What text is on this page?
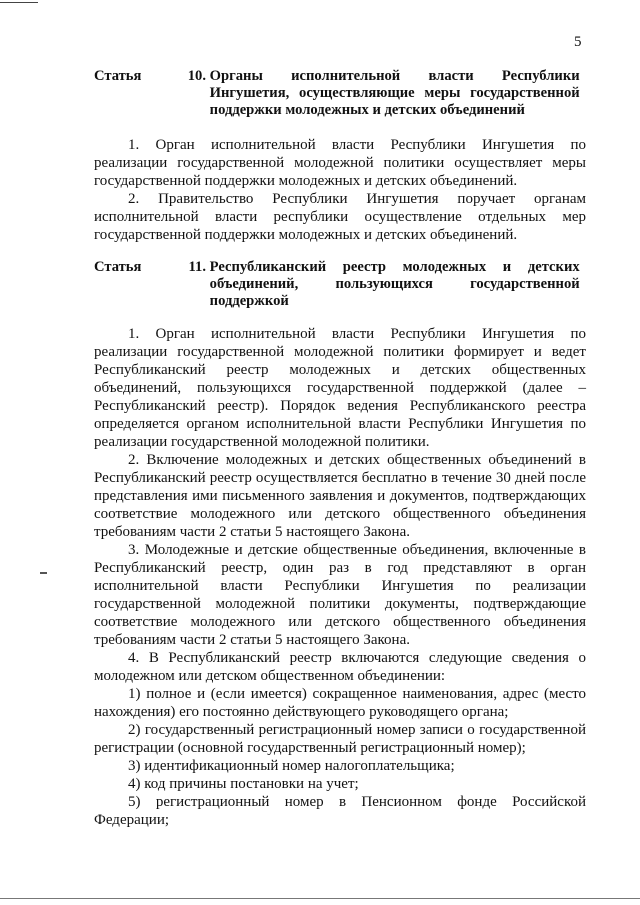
5
Статья 10. Органы исполнительной власти Республики Ингушетия, осуществляющие меры государственной поддержки молодежных и детских объединений

1. Орган исполнительной власти Республики Ингушетия по реализации государственной молодежной политики осуществляет меры государственной поддержки молодежных и детских объединений.

2. Правительство Республики Ингушетия поручает органам исполнительной власти республики осуществление отдельных мер государственной поддержки молодежных и детских объединений.

Статья 11. Республиканский реестр молодежных и детских объединений, пользующихся государственной поддержкой

1. Орган исполнительной власти Республики Ингушетия по реализации государственной молодежной политики формирует и ведет Республиканский реестр молодежных и детских общественных объединений, пользующихся государственной поддержкой (далее – Республиканский реестр). Порядок ведения Республиканского реестра определяется органом исполнительной власти Республики Ингушетия по реализации государственной молодежной политики.

2. Включение молодежных и детских общественных объединений в Республиканский реестр осуществляется бесплатно в течение 30 дней после представления ими письменного заявления и документов, подтверждающих соответствие молодежного или детского общественного объединения требованиям части 2 статьи 5 настоящего Закона.

3. Молодежные и детские общественные объединения, включенные в Республиканский реестр, один раз в год представляют в орган исполнительной власти Республики Ингушетия по реализации государственной молодежной политики документы, подтверждающие соответствие молодежного или детского общественного объединения требованиям части 2 статьи 5 настоящего Закона.

4. В Республиканский реестр включаются следующие сведения о молодежном или детском общественном объединении:

1) полное и (если имеется) сокращенное наименования, адрес (место нахождения) его постоянно действующего руководящего органа;

2) государственный регистрационный номер записи о государственной регистрации (основной государственный регистрационный номер);

3) идентификационный номер налогоплательщика;

4) код причины постановки на учет;

5) регистрационный номер в Пенсионном фонде Российской Федерации;
